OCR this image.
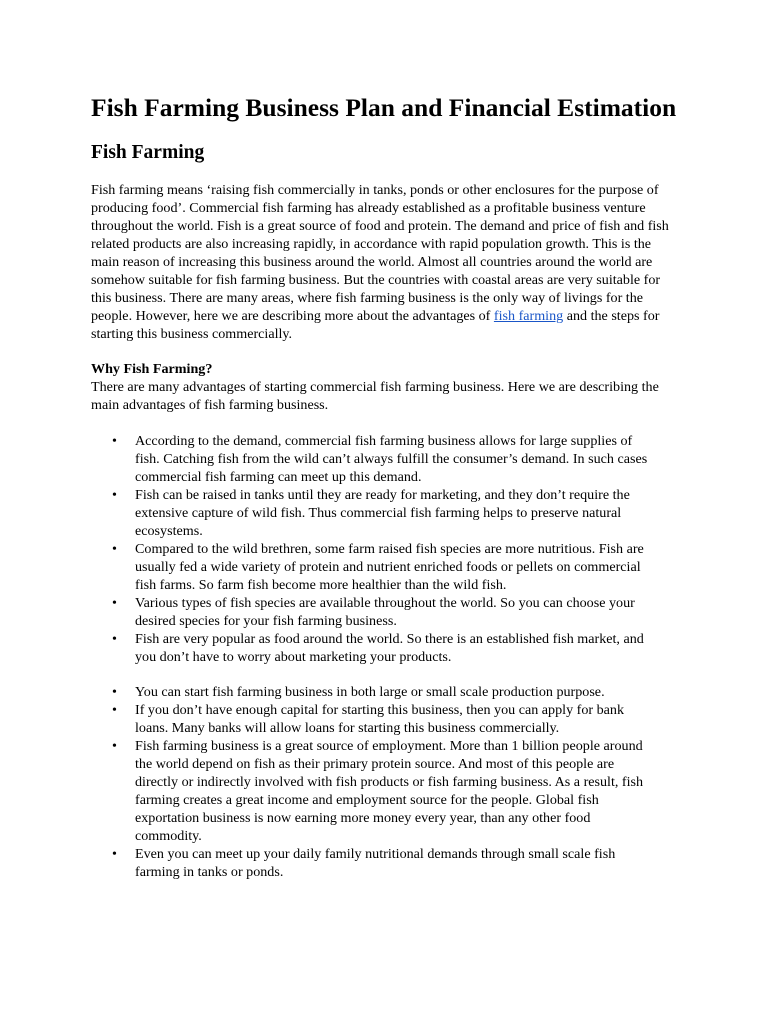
Fish Farming Business Plan and Financial Estimation
Fish Farming

Fish farming means ‘raising fish commercially in tanks, ponds or other enclosures for the purpose of producing food’. Commercial fish farming has already established as a profitable business venture throughout the world. Fish is a great source of food and protein. The demand and price of fish and fish related products are also increasing rapidly, in accordance with rapid population growth. This is the main reason of increasing this business around the world. Almost all countries around the world are somehow suitable for fish farming business. But the countries with coastal areas are very suitable for this business. There are many areas, where fish farming business is the only way of livings for the people. However, here we are describing more about the advantages of fish farming and the steps for starting this business commercially.

Why Fish Farming?

There are many advantages of starting commercial fish farming business. Here we are describing the main advantages of fish farming business.

• According to the demand, commercial fish farming business allows for large supplies of fish. Catching fish from the wild can’t always fulfill the consumer’s demand. In such cases commercial fish farming can meet up this demand.
• Fish can be raised in tanks until they are ready for marketing, and they don’t require the extensive capture of wild fish. Thus commercial fish farming helps to preserve natural ecosystems.
• Compared to the wild brethren, some farm raised fish species are more nutritious. Fish are usually fed a wide variety of protein and nutrient enriched foods or pellets on commercial fish farms. So farm fish become more healthier than the wild fish.
• Various types of fish species are available throughout the world. So you can choose your desired species for your fish farming business.
• Fish are very popular as food around the world. So there is an established fish market, and you don’t have to worry about marketing your products.
• You can start fish farming business in both large or small scale production purpose.
• If you don’t have enough capital for starting this business, then you can apply for bank loans. Many banks will allow loans for starting this business commercially.
• Fish farming business is a great source of employment. More than 1 billion people around the world depend on fish as their primary protein source. And most of this people are directly or indirectly involved with fish products or fish farming business. As a result, fish farming creates a great income and employment source for the people. Global fish exportation business is now earning more money every year, than any other food commodity.
• Even you can meet up your daily family nutritional demands through small scale fish farming in tanks or ponds.
